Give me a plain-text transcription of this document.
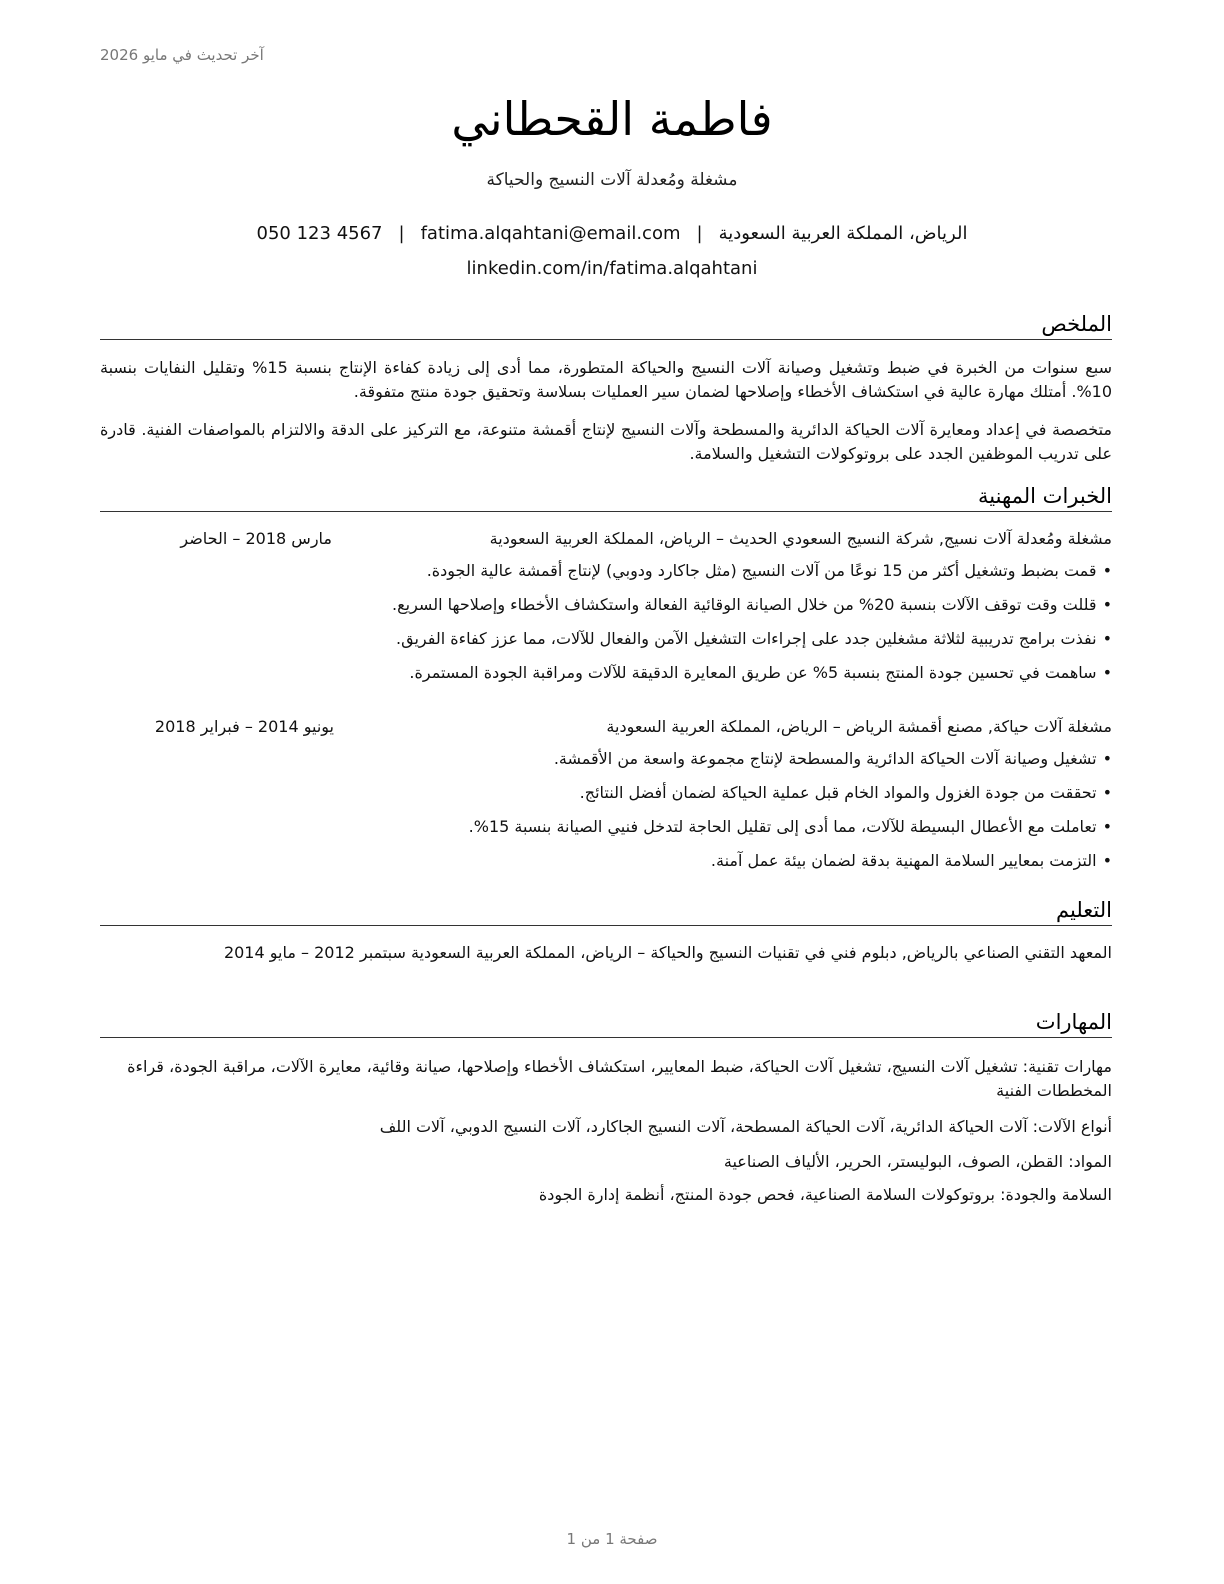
آخر تحديث في مايو 2026
فاطمة القحطاني
مشغلة ومُعدلة آلات النسيج والحياكة
الرياض، المملكة العربية السعودية|fatima.alqahtani@email.com|050 123 4567
linkedin.com/in/fatima.alqahtani
الملخص
سبع سنوات من الخبرة في ضبط وتشغيل وصيانة آلات النسيج والحياكة المتطورة، مما أدى إلى زيادة كفاءة الإنتاج بنسبة 15% وتقليل النفايات بنسبة 10%. أمتلك مهارة عالية في استكشاف الأخطاء وإصلاحها لضمان سير العمليات بسلاسة وتحقيق جودة منتج متفوقة.
متخصصة في إعداد ومعايرة آلات الحياكة الدائرية والمسطحة وآلات النسيج لإنتاج أقمشة متنوعة، مع التركيز على الدقة والالتزام بالمواصفات الفنية. قادرة على تدريب الموظفين الجدد على بروتوكولات التشغيل والسلامة.
الخبرات المهنية
مشغلة ومُعدلة آلات نسيج, شركة النسيج السعودي الحديث – الرياض، المملكة العربية السعودية
مارس 2018 – الحاضر
• قمت بضبط وتشغيل أكثر من 15 نوعًا من آلات النسيج (مثل جاكارد ودوبي) لإنتاج أقمشة عالية الجودة.
• قللت وقت توقف الآلات بنسبة 20% من خلال الصيانة الوقائية الفعالة واستكشاف الأخطاء وإصلاحها السريع.
• نفذت برامج تدريبية لثلاثة مشغلين جدد على إجراءات التشغيل الآمن والفعال للآلات، مما عزز كفاءة الفريق.
• ساهمت في تحسين جودة المنتج بنسبة 5% عن طريق المعايرة الدقيقة للآلات ومراقبة الجودة المستمرة.
مشغلة آلات حياكة, مصنع أقمشة الرياض – الرياض، المملكة العربية السعودية
يونيو 2014 – فبراير 2018
• تشغيل وصيانة آلات الحياكة الدائرية والمسطحة لإنتاج مجموعة واسعة من الأقمشة.
• تحققت من جودة الغزول والمواد الخام قبل عملية الحياكة لضمان أفضل النتائج.
• تعاملت مع الأعطال البسيطة للآلات، مما أدى إلى تقليل الحاجة لتدخل فنيي الصيانة بنسبة 15%.
• التزمت بمعايير السلامة المهنية بدقة لضمان بيئة عمل آمنة.
التعليم
المعهد التقني الصناعي بالرياض, دبلوم فني في تقنيات النسيج والحياكة – الرياض، المملكة العربية السعودية سبتمبر 2012 – مايو 2014
المهارات
مهارات تقنية: تشغيل آلات النسيج، تشغيل آلات الحياكة، ضبط المعايير، استكشاف الأخطاء وإصلاحها، صيانة وقائية، معايرة الآلات، مراقبة الجودة، قراءة المخططات الفنية
أنواع الآلات: آلات الحياكة الدائرية، آلات الحياكة المسطحة، آلات النسيج الجاكارد، آلات النسيج الدوبي، آلات اللف
المواد: القطن، الصوف، البوليستر، الحرير، الألياف الصناعية
السلامة والجودة: بروتوكولات السلامة الصناعية، فحص جودة المنتج، أنظمة إدارة الجودة
صفحة 1 من 1
